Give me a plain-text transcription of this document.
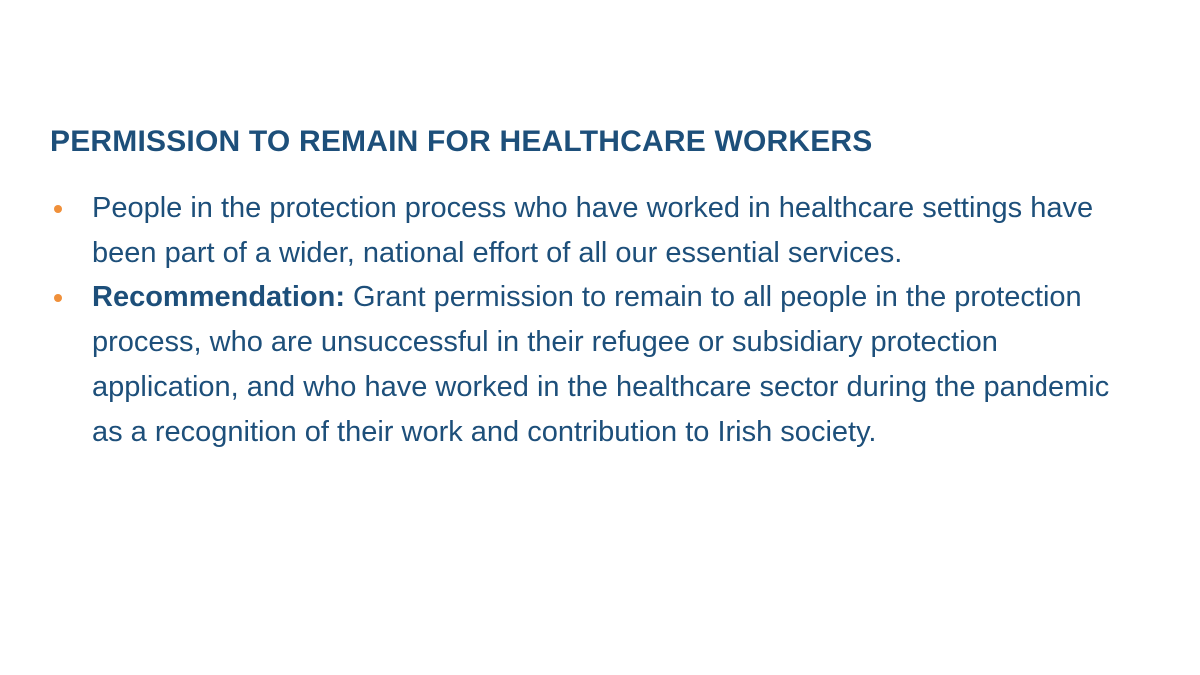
PERMISSION TO REMAIN FOR HEALTHCARE WORKERS
People in the protection process who have worked in healthcare settings have been part of a wider, national effort of all our essential services.
Recommendation: Grant permission to remain to all people in the protection process, who are unsuccessful in their refugee or subsidiary protection application, and who have worked in the healthcare sector during the pandemic as a recognition of their work and contribution to Irish society.
